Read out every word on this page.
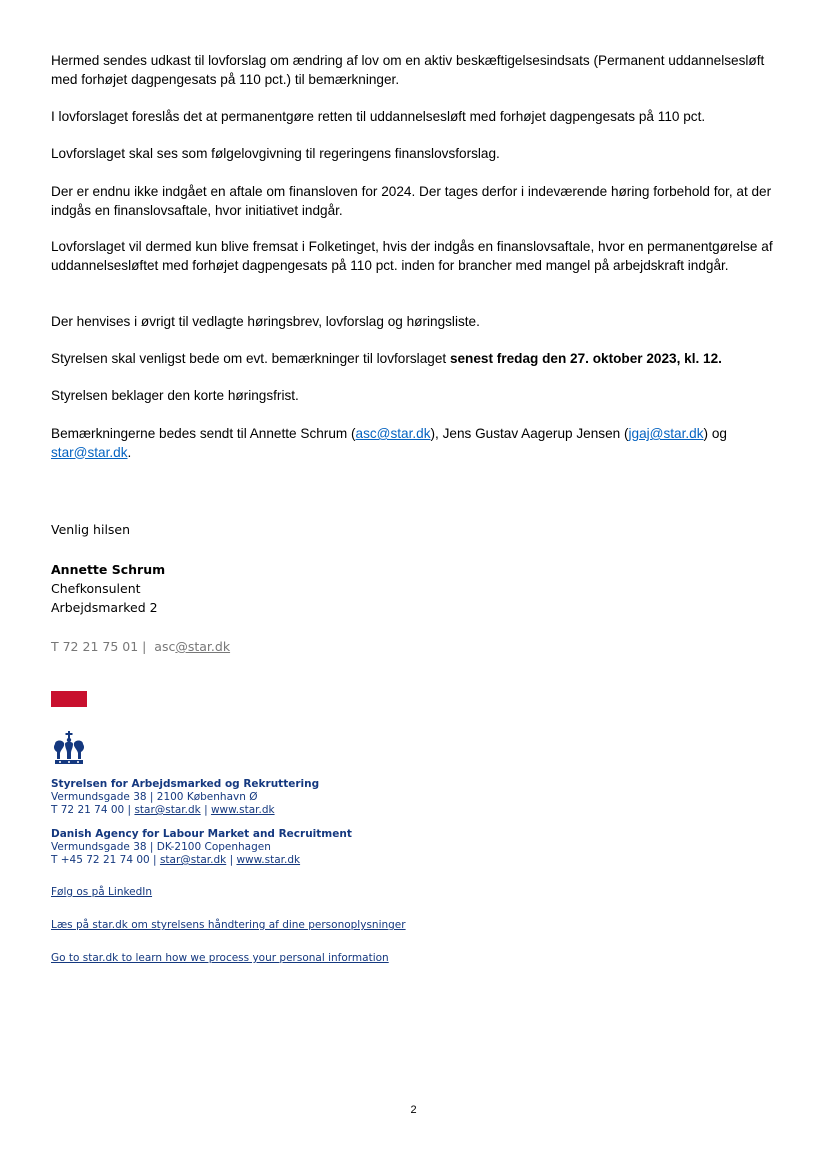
Hermed sendes udkast til lovforslag om ændring af lov om en aktiv beskæftigelsesindsats (Permanent uddannelsesløft med forhøjet dagpengesats på 110 pct.) til bemærkninger.

I lovforslaget foreslås det at permanentgøre retten til uddannelsesløft med forhøjet dagpengesats på 110 pct.

Lovforslaget skal ses som følgelovgivning til regeringens finanslovsforslag.

Der er endnu ikke indgået en aftale om finansloven for 2024. Der tages derfor i indeværende høring forbehold for, at der indgås en finanslovsaftale, hvor initiativet indgår.

Lovforslaget vil dermed kun blive fremsat i Folketinget, hvis der indgås en finanslovsaftale, hvor en permanentgørelse af uddannelsesløftet med forhøjet dagpengesats på 110 pct. inden for brancher med mangel på arbejdskraft indgår.

Der henvises i øvrigt til vedlagte høringsbrev, lovforslag og høringsliste.

Styrelsen skal venligst bede om evt. bemærkninger til lovforslaget senest fredag den 27. oktober 2023, kl. 12.

Styrelsen beklager den korte høringsfrist.

Bemærkningerne bedes sendt til Annette Schrum (asc@star.dk), Jens Gustav Aagerup Jensen (jgaj@star.dk) og
star@star.dk.

Venlig hilsen
Annette Schrum
Chefkonsulent
Arbejdsmarked 2
T 72 21 75 01 | asc@star.dk
Styrelsen for Arbejdsmarked og Rekruttering
Vermundsgade 38 | 2100 København Ø
T 72 21 74 00 | star@star.dk | www.star.dk
Danish Agency for Labour Market and Recruitment
Vermundsgade 38 | DK-2100 Copenhagen
T +45 72 21 74 00 | star@star.dk | www.star.dk
Følg os på LinkedIn
Læs på star.dk om styrelsens håndtering af dine personoplysninger
Go to star.dk to learn how we process your personal information
2
